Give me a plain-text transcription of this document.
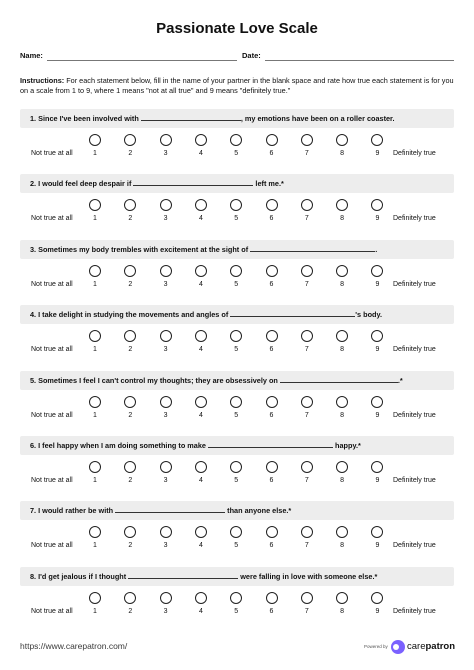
Passionate Love Scale
Name:	Date:
Instructions: For each statement below, fill in the name of your partner in the blank space and rate how true each statement is for you on a scale from 1 to 9, where 1 means "not at all true" and 9 means "definitely true."
1. Since I've been involved with	, my emotions have been on a roller coaster.
Not true at all	1	2	3	4	5	6	7	8	9	Definitely true
2. I would feel deep despair if	left me.*
Not true at all	1	2	3	4	5	6	7	8	9	Definitely true
3. Sometimes my body trembles with excitement at the sight of	.
Not true at all	1	2	3	4	5	6	7	8	9	Definitely true
4. I take delight in studying the movements and angles of	's body.
Not true at all	1	2	3	4	5	6	7	8	9	Definitely true
5. Sometimes I feel I can't control my thoughts; they are obsessively on	.*
Not true at all	1	2	3	4	5	6	7	8	9	Definitely true
6. I feel happy when I am doing something to make	happy.*
Not true at all	1	2	3	4	5	6	7	8	9	Definitely true
7. I would rather be with	than anyone else.*
Not true at all	1	2	3	4	5	6	7	8	9	Definitely true
8. I'd get jealous if I thought	were falling in love with someone else.*
Not true at all	1	2	3	4	5	6	7	8	9	Definitely true
https://www.carepatron.com/	Powered by carepatron
